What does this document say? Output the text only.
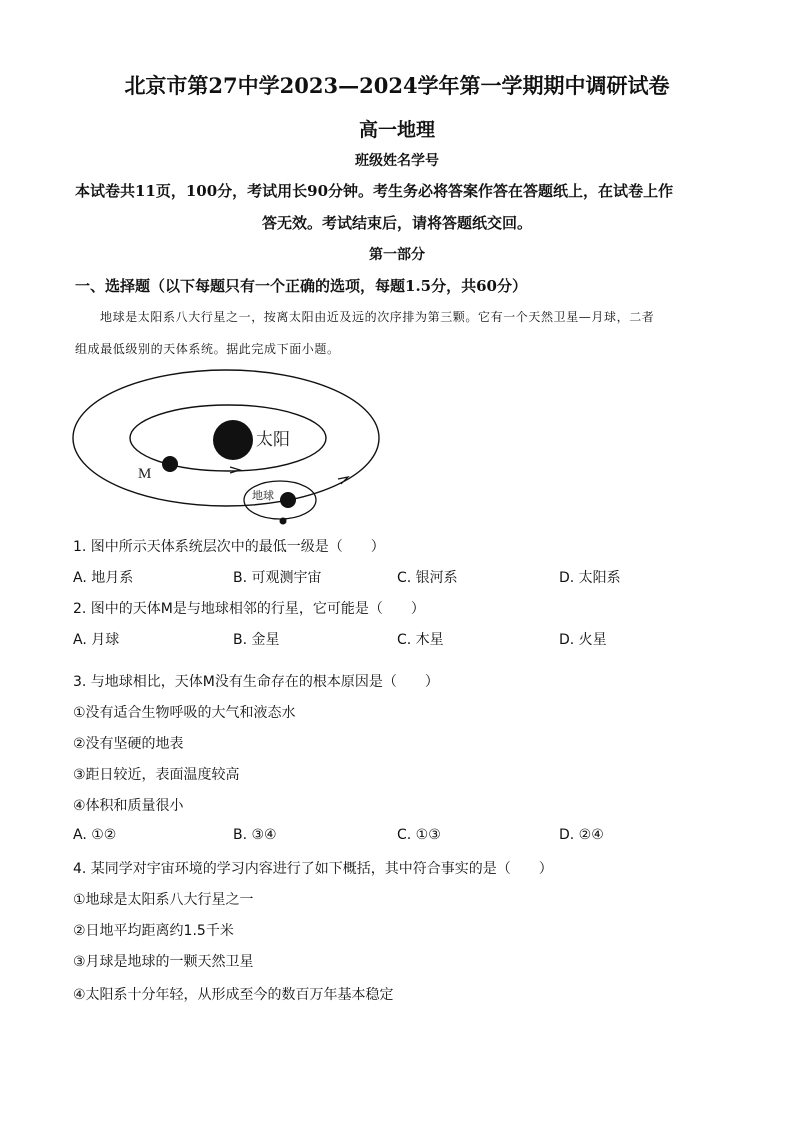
北京市第27中学2023—2024学年第一学期期中调研试卷
高一地理
班级姓名学号
本试卷共11页，100分，考试用长90分钟。考生务必将答案作答在答题纸上，在试卷上作
答无效。考试结束后，请将答题纸交回。
第一部分
一、选择题（以下每题只有一个正确的选项，每题1.5分，共60分）
地球是太阳系八大行星之一，按离太阳由近及远的次序排为第三颗。它有一个天然卫星—月球，二者
组成最低级别的天体系统。据此完成下面小题。
太阳
M
地球
1. 图中所示天体系统层次中的最低一级是（　　）
A. 地月系	B. 可观测宇宙	C. 银河系	D. 太阳系
2. 图中的天体M是与地球相邻的行星，它可能是（　　）
A. 月球	B. 金星	C. 木星	D. 火星
3. 与地球相比，天体M没有生命存在的根本原因是（　　）
①没有适合生物呼吸的大气和液态水
②没有坚硬的地表
③距日较近，表面温度较高
④体积和质量很小
A. ①②	B. ③④	C. ①③	D. ②④
4. 某同学对宇宙环境的学习内容进行了如下概括，其中符合事实的是（　　）
①地球是太阳系八大行星之一
②日地平均距离约1.5千米
③月球是地球的一颗天然卫星
④太阳系十分年轻，从形成至今的数百万年基本稳定
